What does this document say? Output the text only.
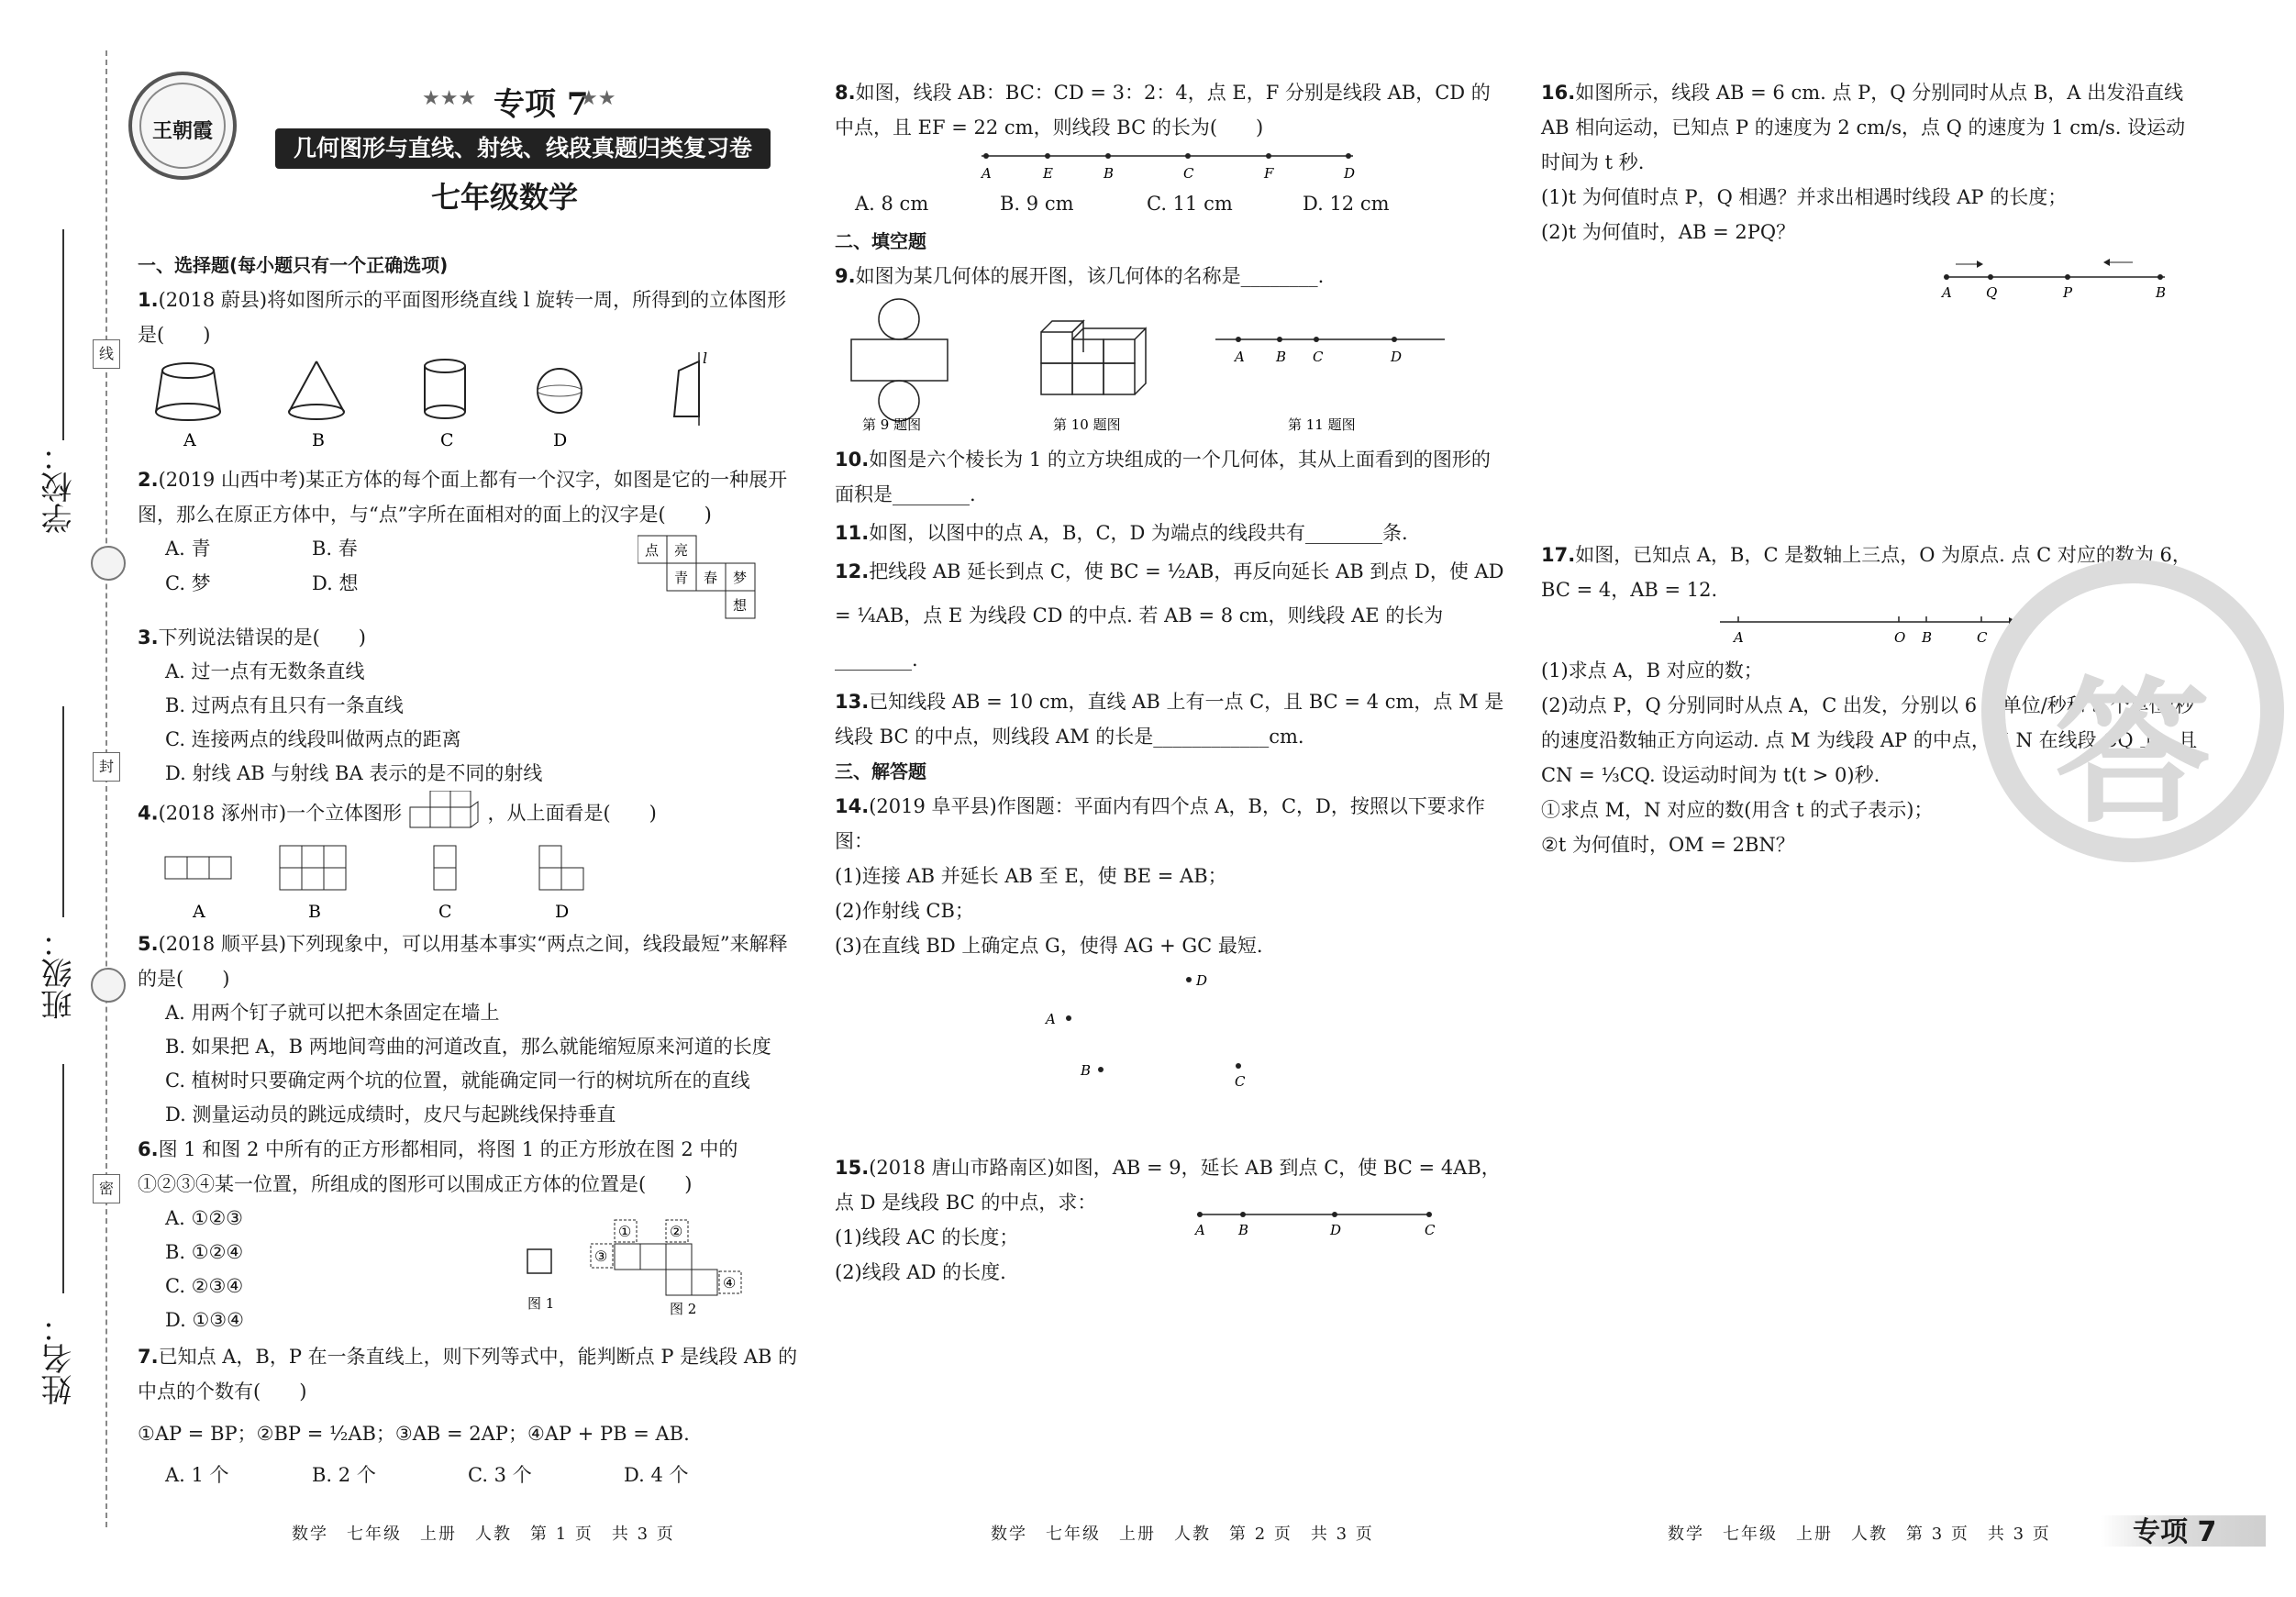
学校：
班级：
姓名：
线
封
密
王朝霞
★★★ 专项 7
★★
几何图形与直线、射线、线段真题归类复习卷
七年级数学
一、选择题(每小题只有一个正确选项)
1.(2018 蔚县)将如图所示的平面图形绕直线 l 旋转一周，所得到的立体图形是(　　)
l
A	B	C	D
2.(2019 山西中考)某正方体的每个面上都有一个汉字，如图是它的一种展开图，那么在原正方体中，与“点”字所在面相对的面上的汉字是(　　)
A. 青	B. 春
C. 梦	D. 想
点 亮
青 春 梦
想
3.下列说法错误的是(　　)
A. 过一点有无数条直线
B. 过两点有且只有一条直线
C. 连接两点的线段叫做两点的距离
D. 射线 AB 与射线 BA 表示的是不同的射线
4.(2018 涿州市)一个立体图形	，从上面看是(　　)
A	B	C	D
5.(2018 顺平县)下列现象中，可以用基本事实“两点之间，线段最短”来解释的是(　　)
A. 用两个钉子就可以把木条固定在墙上
B. 如果把 A，B 两地间弯曲的河道改直，那么就能缩短原来河道的长度
C. 植树时只要确定两个坑的位置，就能确定同一行的树坑所在的直线
D. 测量运动员的跳远成绩时，皮尺与起跳线保持垂直
6.图 1 和图 2 中所有的正方形都相同，将图 1 的正方形放在图 2 中的①②③④某一位置，所组成的图形可以围成正方体的位置是(　　)
A. ①②③
B. ①②④
C. ②③④
D. ①③④
图 1
①	②
③
④
图 2
7.已知点 A，B，P 在一条直线上，则下列等式中，能判断点 P 是线段 AB 的中点的个数有(　　)
①AP = BP；②BP = ½AB；③AB = 2AP；④AP + PB = AB.
A. 1 个	B. 2 个	C. 3 个	D. 4 个
8.如图，线段 AB：BC：CD = 3：2：4，点 E，F 分别是线段 AB，CD 的中点，且 EF = 22 cm，则线段 BC 的长为(　　)
A	E	B	C	F	D
A. 8 cm	B. 9 cm	C. 11 cm	D. 12 cm
二、填空题
9.如图为某几何体的展开图，该几何体的名称是________.
A B C	D
第 9 题图	第 10 题图	第 11 题图
10.如图是六个棱长为 1 的立方块组成的一个几何体，其从上面看到的图形的面积是________.
11.如图，以图中的点 A，B，C，D 为端点的线段共有________条.
12.把线段 AB 延长到点 C，使 BC = ½AB，再反向延长 AB 到点 D，使 AD
= ¼AB，点 E 为线段 CD 的中点. 若 AB = 8 cm，则线段 AE 的长为
________.
13.已知线段 AB = 10 cm，直线 AB 上有一点 C，且 BC = 4 cm，点 M 是线段 BC 的中点，则线段 AM 的长是____________cm.
三、解答题
14.(2019 阜平县)作图题：平面内有四个点 A，B，C，D，按照以下要求作图：
(1)连接 AB 并延长 AB 至 E，使 BE = AB；
(2)作射线 CB；
(3)在直线 BD 上确定点 G，使得 AG + GC 最短.
D
A
B
C
15.(2018 唐山市路南区)如图，AB = 9，延长 AB 到点 C，使 BC = 4AB，点 D 是线段 BC 的中点，求：
(1)线段 AC 的长度；
(2)线段 AD 的长度.
A B	D	C
16.如图所示，线段 AB = 6 cm. 点 P，Q 分别同时从点 B，A 出发沿直线 AB 相向运动，已知点 P 的速度为 2 cm/s，点 Q 的速度为 1 cm/s. 设运动时间为 t 秒.
(1)t 为何值时点 P，Q 相遇？并求出相遇时线段 AP 的长度；
(2)t 为何值时，AB = 2PQ？
A Q	P	B
17.如图，已知点 A，B，C 是数轴上三点，O 为原点. 点 C 对应的数为 6，BC = 4，AB = 12.
A	O B	C
(1)求点 A，B 对应的数；
(2)动点 P，Q 分别同时从点 A，C 出发，分别以 6 个单位/秒和 3 个单位/秒的速度沿数轴正方向运动. 点 M 为线段 AP 的中点，点 N 在线段 CQ 上，且 CN = ⅓CQ. 设运动时间为 t(t > 0)秒.
①求点 M，N 对应的数(用含 t 的式子表示)；
②t 为何值时，OM = 2BN？	答
数学　七年级　上册　人教　第 1 页　共 3 页	数学　七年级　上册　人教　第 2 页　共 3 页	数学　七年级　上册　人教　第 3 页　共 3 页	专项 7
